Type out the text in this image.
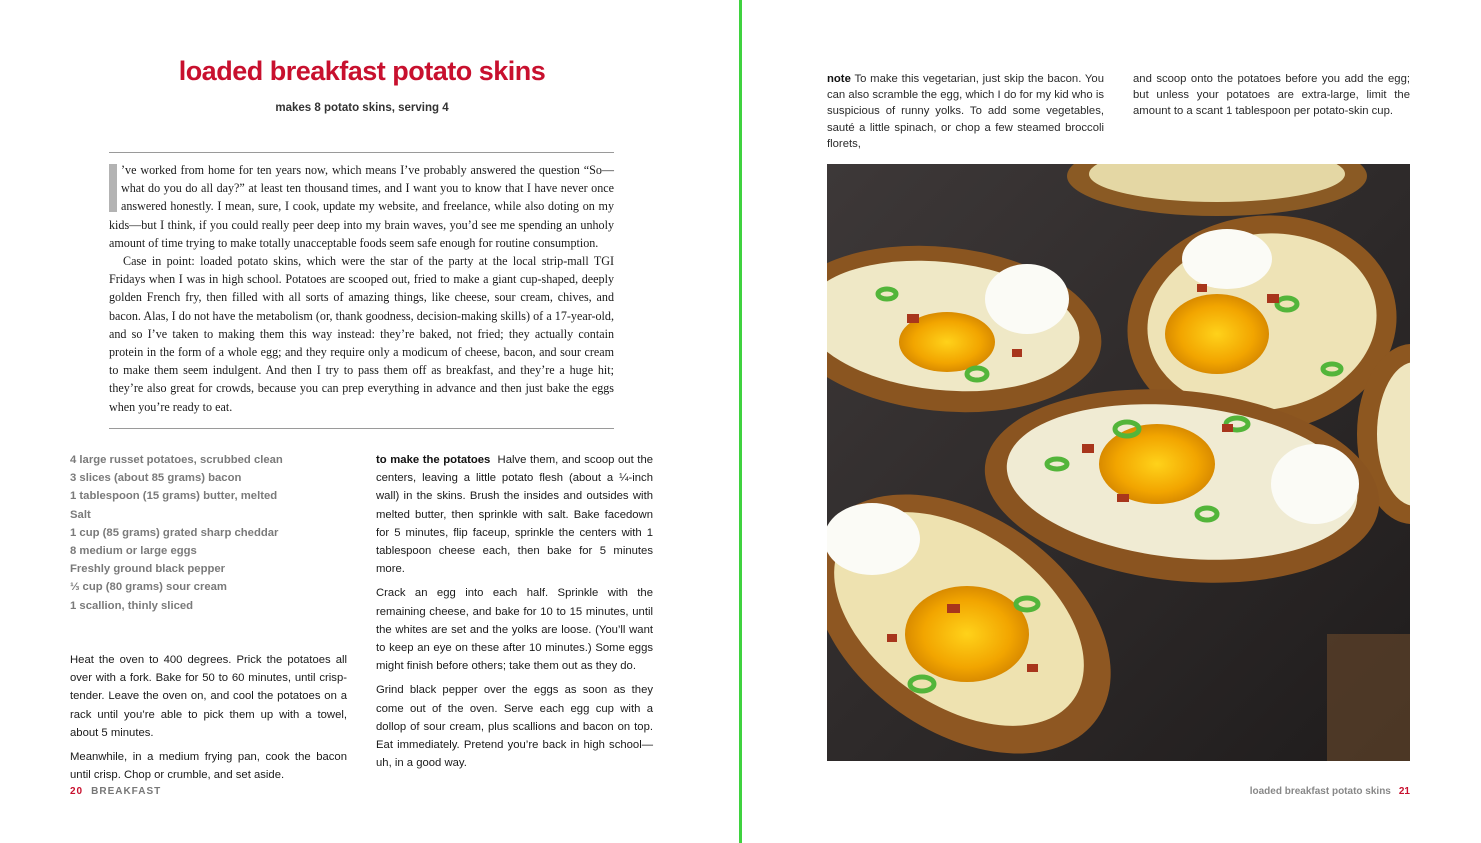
loaded breakfast potato skins
makes 8 potato skins, serving 4

’ve worked from home for ten years now, which means I’ve probably answered the question “So—what do you do all day?” at least ten thousand times, and I want you to know that I have never once answered honestly. I mean, sure, I cook, update my website, and freelance, while also doting on my kids—but I think, if you could really peer deep into my brain waves, you’d see me spending an unholy amount of time trying to make totally unacceptable foods seem safe enough for routine consumption.

Case in point: loaded potato skins, which were the star of the party at the local strip-mall TGI Fridays when I was in high school. Potatoes are scooped out, fried to make a giant cup-shaped, deeply golden French fry, then filled with all sorts of amazing things, like cheese, sour cream, chives, and bacon. Alas, I do not have the metabolism (or, thank goodness, decision-making skills) of a 17-year-old, and so I’ve taken to making them this way instead: they’re baked, not fried; they actually contain protein in the form of a whole egg; and they require only a modicum of cheese, bacon, and sour cream to make them seem indulgent. And then I try to pass them off as breakfast, and they’re a huge hit; they’re also great for crowds, because you can prep everything in advance and then just bake the eggs when you’re ready to eat.

4 large russet potatoes, scrubbed clean
3 slices (about 85 grams) bacon
1 tablespoon (15 grams) butter, melted
Salt
1 cup (85 grams) grated sharp cheddar
8 medium or large eggs
Freshly ground black pepper
⅓ cup (80 grams) sour cream
1 scallion, thinly sliced

Heat the oven to 400 degrees. Prick the potatoes all over with a fork. Bake for 50 to 60 minutes, until crisp-tender. Leave the oven on, and cool the potatoes on a rack until you’re able to pick them up with a towel, about 5 minutes.

Meanwhile, in a medium frying pan, cook the bacon until crisp. Chop or crumble, and set aside.

to make the potatoes Halve them, and scoop out the centers, leaving a little potato flesh (about a ¼-inch wall) in the skins. Brush the insides and outsides with melted butter, then sprinkle with salt. Bake facedown for 5 minutes, flip faceup, sprinkle the centers with 1 tablespoon cheese each, then bake for 5 minutes more.

Crack an egg into each half. Sprinkle with the remaining cheese, and bake for 10 to 15 minutes, until the whites are set and the yolks are loose. (You’ll want to keep an eye on these after 10 minutes.) Some eggs might finish before others; take them out as they do.

Grind black pepper over the eggs as soon as they come out of the oven. Serve each egg cup with a dollop of sour cream, plus scallions and bacon on top. Eat immediately. Pretend you’re back in high school—uh, in a good way.

20 BREAKFAST
note To make this vegetarian, just skip the bacon. You can also scramble the egg, which I do for my kid who is suspicious of runny yolks. To add some vegetables, sauté a little spinach, or chop a few steamed broccoli florets,
and scoop onto the potatoes before you add the egg; but unless your potatoes are extra-large, limit the amount to a scant 1 tablespoon per potato-skin cup.
loaded breakfast potato skins 21
